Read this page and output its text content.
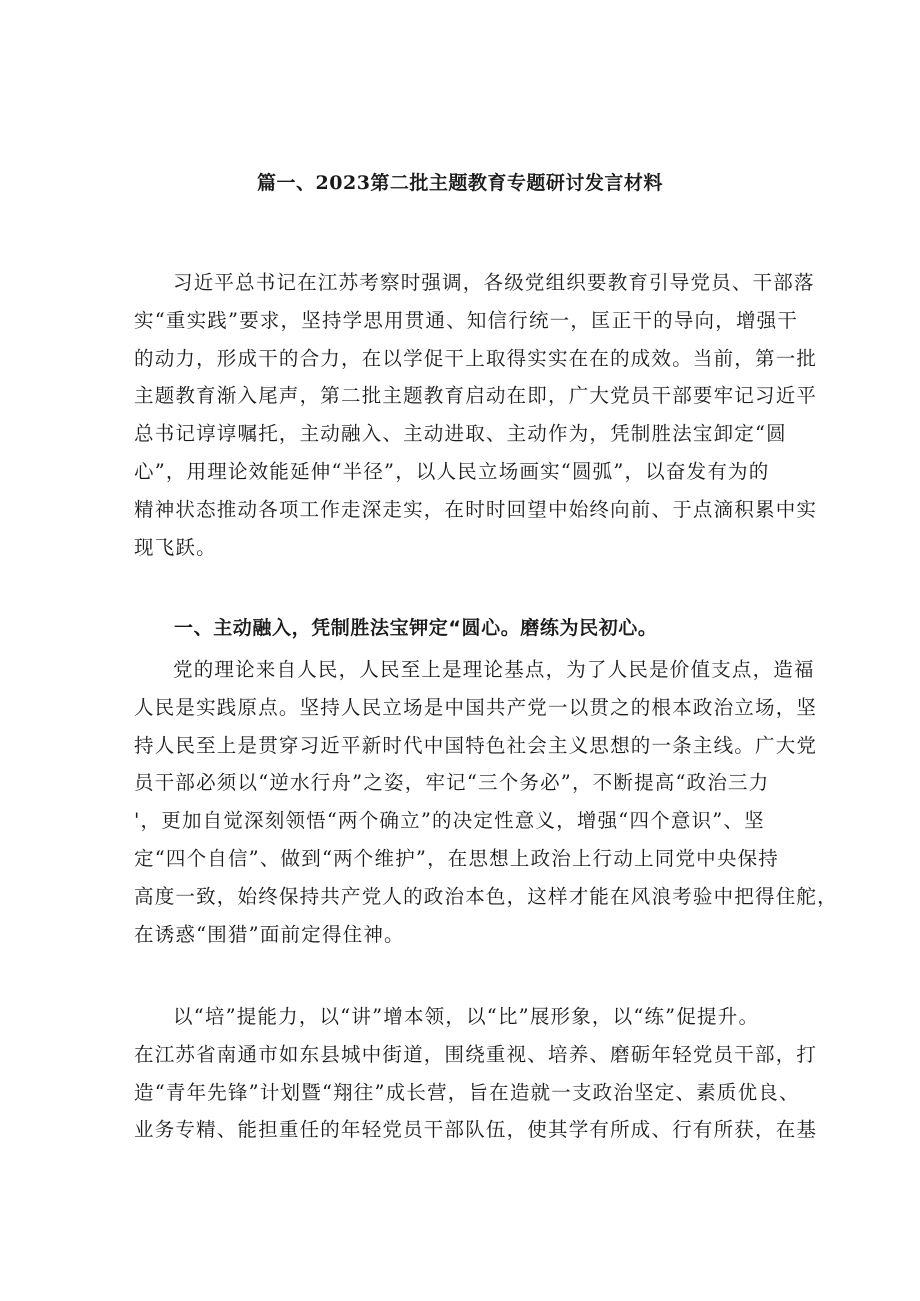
篇一、2023第二批主题教育专题研讨发言材料
习近平总书记在江苏考察时强调，各级党组织要教育引导党员、干部落
实“重实践”要求，坚持学思用贯通、知信行统一，匡正干的导向，增强干
的动力，形成干的合力，在以学促干上取得实实在在的成效。当前，第一批
主题教育渐入尾声，第二批主题教育启动在即，广大党员干部要牢记习近平
总书记谆谆嘱托，主动融入、主动进取、主动作为，凭制胜法宝卸定“圆
心”，用理论效能延伸“半径”，以人民立场画实“圆弧”，以奋发有为的
精神状态推动各项工作走深走实，在时时回望中始终向前、于点滴积累中实
现飞跃。
一、主动融入，凭制胜法宝钾定“圆心。磨练为民初心。
党的理论来自人民，人民至上是理论基点，为了人民是价值支点，造福
人民是实践原点。坚持人民立场是中国共产党一以贯之的根本政治立场，坚
持人民至上是贯穿习近平新时代中国特色社会主义思想的一条主线。广大党
员干部必须以“逆水行舟”之姿，牢记“三个务必”，不断提高“政治三力
'，更加自觉深刻领悟“两个确立”的决定性意义，增强“四个意识”、坚
定“四个自信”、做到“两个维护”，在思想上政治上行动上同党中央保持
高度一致，始终保持共产党人的政治本色，这样才能在风浪考验中把得住舵，
在诱惑“围猎”面前定得住神。
以“培”提能力，以“讲”增本领，以“比”展形象，以“练”促提升。
在江苏省南通市如东县城中街道，围绕重视、培养、磨砺年轻党员干部，打
造“青年先锋”计划暨“翔往”成长营，旨在造就一支政治坚定、素质优良、
业务专精、能担重任的年轻党员干部队伍，使其学有所成、行有所获，在基
